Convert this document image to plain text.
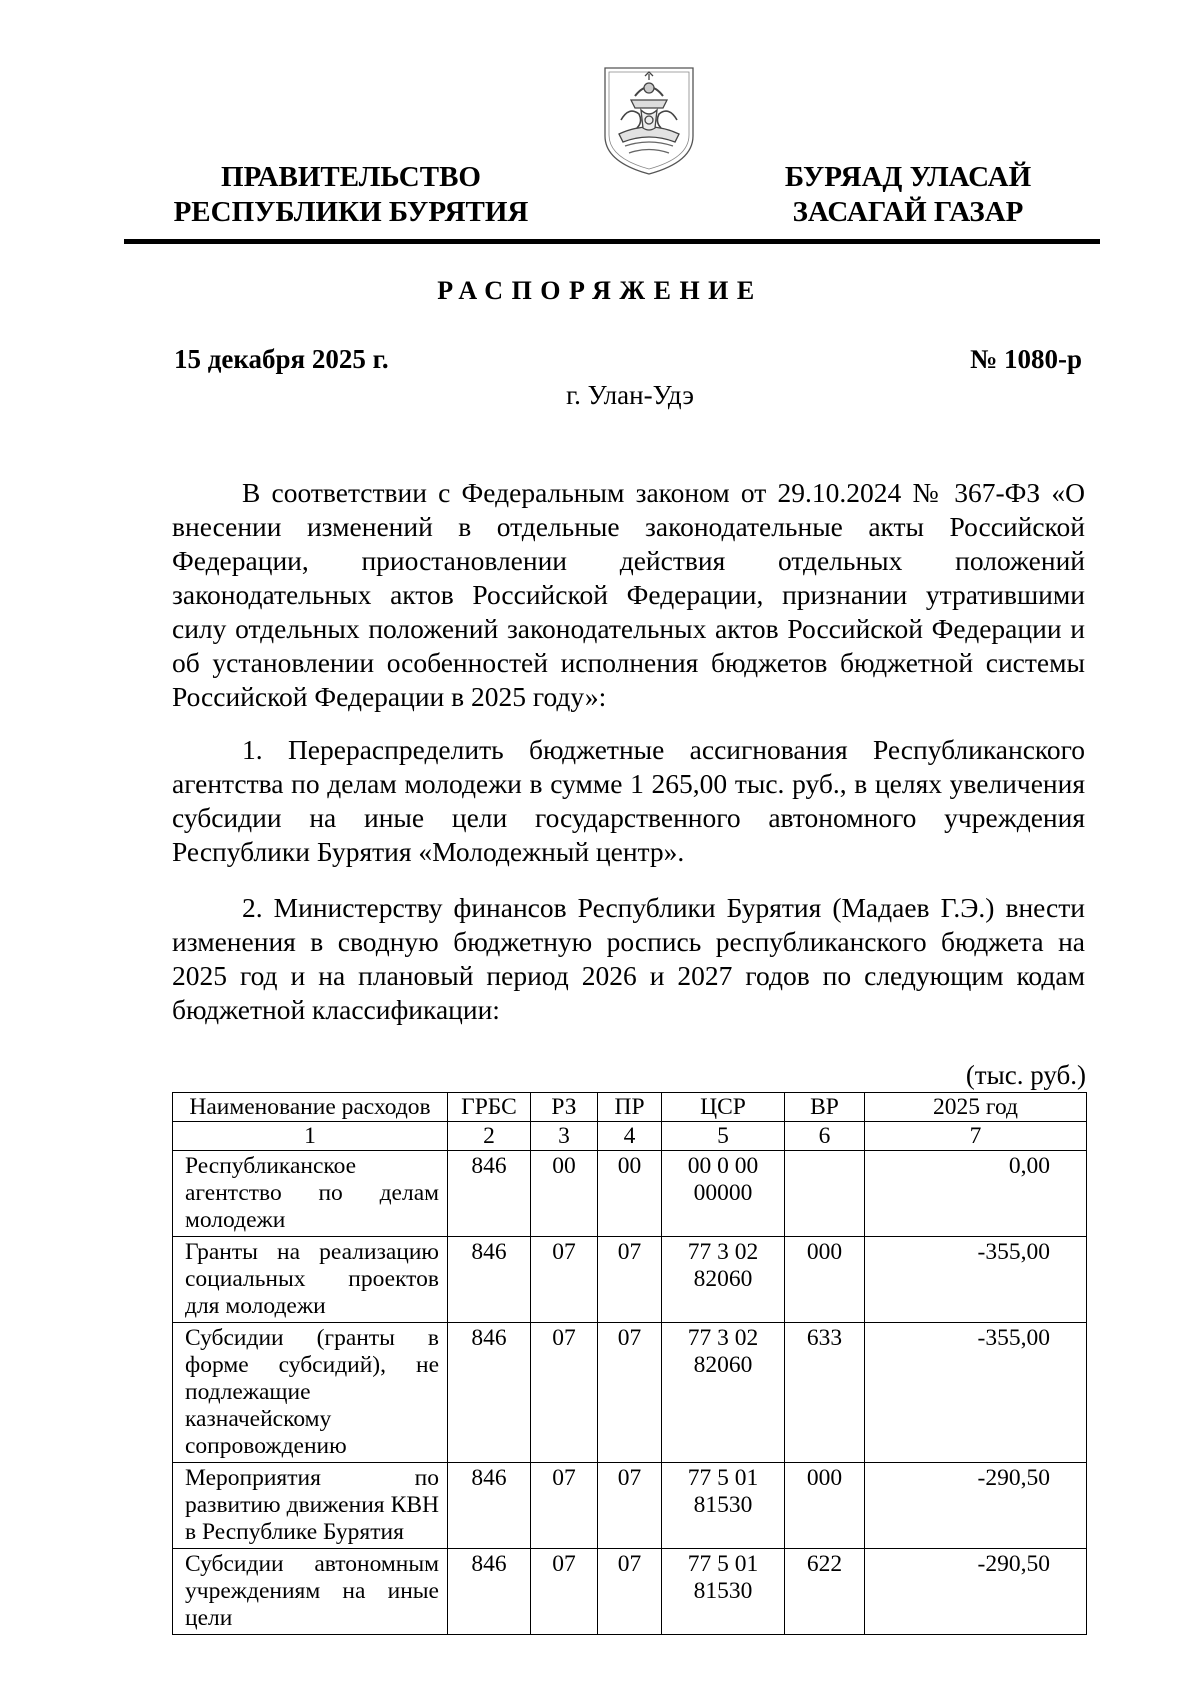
ПРАВИТЕЛЬСТВО
РЕСПУБЛИКИ БУРЯТИЯ
БУРЯАД УЛАСАЙ
ЗАСАГАЙ ГАЗАР
РАСПОРЯЖЕНИЕ
15 декабря 2025 г.	№ 1080-р
г. Улан-Удэ

В соответствии с Федеральным законом от 29.10.2024 № 367-ФЗ «О внесении изменений в отдельные законодательные акты Российской Федерации, приостановлении действия отдельных положений законодательных актов Российской Федерации, признании утратившими силу отдельных положений законодательных актов Российской Федерации и об установлении особенностей исполнения бюджетов бюджетной системы Российской Федерации в 2025 году»:

1. Перераспределить бюджетные ассигнования Республиканского агентства по делам молодежи в сумме 1 265,00 тыс. руб., в целях увеличения субсидии на иные цели государственного автономного учреждения Республики Бурятия «Молодежный центр».

2. Министерству финансов Республики Бурятия (Мадаев Г.Э.) внести изменения в сводную бюджетную роспись республиканского бюджета на 2025 год и на плановый период 2026 и 2027 годов по следующим кодам бюджетной классификации:

(тыс. руб.)
Наименование расходов	ГРБС	РЗ	ПР	ЦСР	ВР	2025 год
1	2	3	4	5	6	7
Республиканское агентство по делам молодежи	846	00	00	00 0 00 00000		0,00
Гранты на реализацию социальных проектов для молодежи	846	07	07	77 3 02 82060	000	-355,00
Субсидии (гранты в форме субсидий), не подлежащие казначейскому сопровождению	846	07	07	77 3 02 82060	633	-355,00
Мероприятия по развитию движения КВН в Республике Бурятия	846	07	07	77 5 01 81530	000	-290,50
Субсидии автономным учреждениям на иные цели	846	07	07	77 5 01 81530	622	-290,50
